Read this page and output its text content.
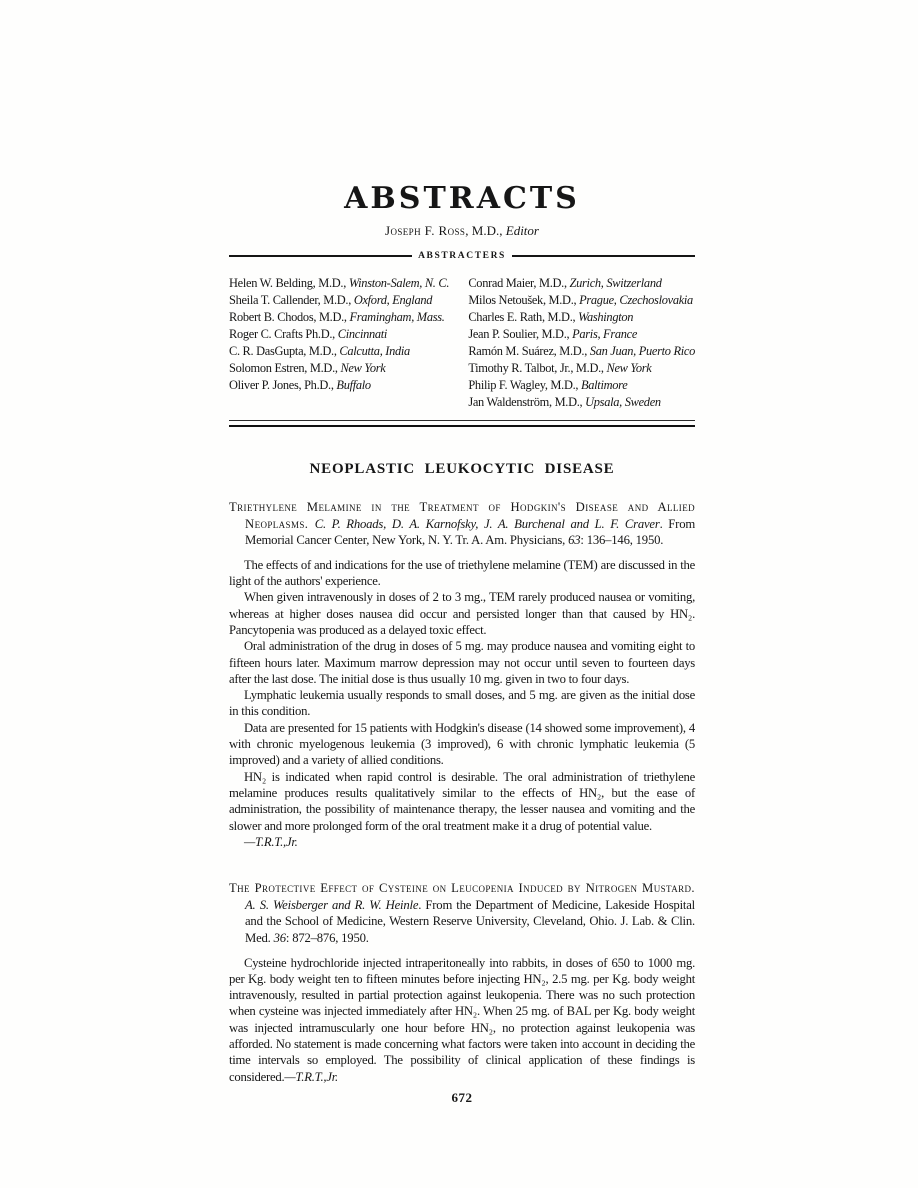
ABSTRACTS
Joseph F. Ross, M.D., Editor
ABSTRACTERS
Helen W. Belding, M.D., Winston-Salem, N. C.
Sheila T. Callender, M.D., Oxford, England
Robert B. Chodos, M.D., Framingham, Mass.
Roger C. Crafts Ph.D., Cincinnati
C. R. DasGupta, M.D., Calcutta, India
Solomon Estren, M.D., New York
Oliver P. Jones, Ph.D., Buffalo
Conrad Maier, M.D., Zurich, Switzerland
Milos Netoušek, M.D., Prague, Czechoslovakia
Charles E. Rath, M.D., Washington
Jean P. Soulier, M.D., Paris, France
Ramón M. Suárez, M.D., San Juan, Puerto Rico
Timothy R. Talbot, Jr., M.D., New York
Philip F. Wagley, M.D., Baltimore
Jan Waldenström, M.D., Upsala, Sweden
NEOPLASTIC LEUKOCYTIC DISEASE

Triethylene Melamine in the Treatment of Hodgkin's Disease and Allied Neoplasms. C. P. Rhoads, D. A. Karnofsky, J. A. Burchenal and L. F. Craver. From Memorial Cancer Center, New York, N. Y. Tr. A. Am. Physicians, 63: 136–146, 1950.

The effects of and indications for the use of triethylene melamine (TEM) are discussed in the light of the authors' experience.

When given intravenously in doses of 2 to 3 mg., TEM rarely produced nausea or vomiting, whereas at higher doses nausea did occur and persisted longer than that caused by HN₂. Pancytopenia was produced as a delayed toxic effect.

Oral administration of the drug in doses of 5 mg. may produce nausea and vomiting eight to fifteen hours later. Maximum marrow depression may not occur until seven to fourteen days after the last dose. The initial dose is thus usually 10 mg. given in two to four days.

Lymphatic leukemia usually responds to small doses, and 5 mg. are given as the initial dose in this condition.

Data are presented for 15 patients with Hodgkin's disease (14 showed some improvement), 4 with chronic myelogenous leukemia (3 improved), 6 with chronic lymphatic leukemia (5 improved) and a variety of allied conditions.

HN₂ is indicated when rapid control is desirable. The oral administration of triethylene melamine produces results qualitatively similar to the effects of HN₂, but the ease of administration, the possibility of maintenance therapy, the lesser nausea and vomiting and the slower and more prolonged form of the oral treatment make it a drug of potential value.
—T.R.T.,Jr.

The Protective Effect of Cysteine on Leucopenia Induced by Nitrogen Mustard. A. S. Weisberger and R. W. Heinle. From the Department of Medicine, Lakeside Hospital and the School of Medicine, Western Reserve University, Cleveland, Ohio. J. Lab. & Clin. Med. 36: 872–876, 1950.

Cysteine hydrochloride injected intraperitoneally into rabbits, in doses of 650 to 1000 mg. per Kg. body weight ten to fifteen minutes before injecting HN₂, 2.5 mg. per Kg. body weight intravenously, resulted in partial protection against leukopenia. There was no such protection when cysteine was injected immediately after HN₂. When 25 mg. of BAL per Kg. body weight was injected intramuscularly one hour before HN₂, no protection against leukopenia was afforded. No statement is made concerning what factors were taken into account in deciding the time intervals so employed. The possibility of clinical application of these findings is considered.—T.R.T.,Jr.

672
